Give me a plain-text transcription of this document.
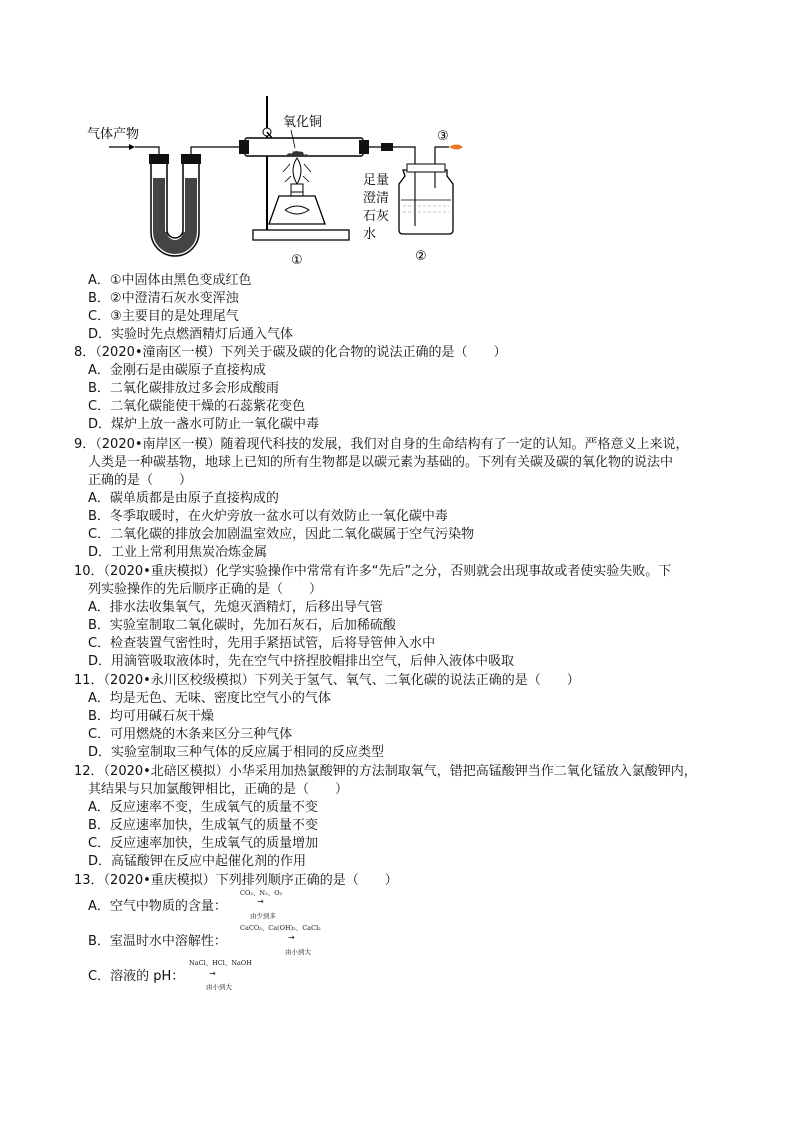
气体产物
氧化铜
①
③
足量
澄清
石灰
水
②
A．①中固体由黑色变成红色
B．②中澄清石灰水变浑浊
C．③主要目的是处理尾气
D．实验时先点燃酒精灯后通入气体
8．（2020•潼南区一模）下列关于碳及碳的化合物的说法正确的是（　　）
A．金刚石是由碳原子直接构成
B．二氧化碳排放过多会形成酸雨
C．二氧化碳能使干燥的石蕊紫花变色
D．煤炉上放一盏水可防止一氧化碳中毒
9．（2020•南岸区一模）随着现代科技的发展，我们对自身的生命结构有了一定的认知。严格意义上来说，
人类是一种碳基物，地球上已知的所有生物都是以碳元素为基础的。下列有关碳及碳的氧化物的说法中
正确的是（　　）
A．碳单质都是由原子直接构成的
B．冬季取暖时，在火炉旁放一盆水可以有效防止一氧化碳中毒
C．二氧化碳的排放会加剧温室效应，因此二氧化碳属于空气污染物
D．工业上常利用焦炭冶炼金属
10．（2020•重庆模拟）化学实验操作中常常有许多“先后”之分，否则就会出现事故或者使实验失败。下
列实验操作的先后顺序正确的是（　　）
A．排水法收集氧气，先熄灭酒精灯，后移出导气管
B．实验室制取二氧化碳时，先加石灰石，后加稀硫酸
C．检查装置气密性时，先用手紧捂试管，后将导管伸入水中
D．用滴管吸取液体时，先在空气中挤捏胶帽排出空气，后伸入液体中吸取
11．（2020•永川区校级模拟）下列关于氢气、氧气、二氧化碳的说法正确的是（　　）
A．均是无色、无味、密度比空气小的气体
B．均可用碱石灰干燥
C．可用燃烧的木条来区分三种气体
D．实验室制取三种气体的反应属于相同的反应类型
12．（2020•北碚区模拟）小华采用加热氯酸钾的方法制取氧气，错把高锰酸钾当作二氧化锰放入氯酸钾内，
其结果与只加氯酸钾相比，正确的是（　　）
A．反应速率不变，生成氧气的质量不变
B．反应速率加快，生成氧气的质量不变
C．反应速率加快，生成氧气的质量增加
D．高锰酸钾在反应中起催化剂的作用
13．（2020•重庆模拟）下列排列顺序正确的是（　　）
A．空气中物质的含量：
CO₂、N₂、O₂
→
由少到多
B．室温时水中溶解性：
CaCO₃、Ca(OH)₂、CaCl₂
→
由小到大
C．溶液的 pH：
NaCl、HCl、NaOH
→
由小到大
